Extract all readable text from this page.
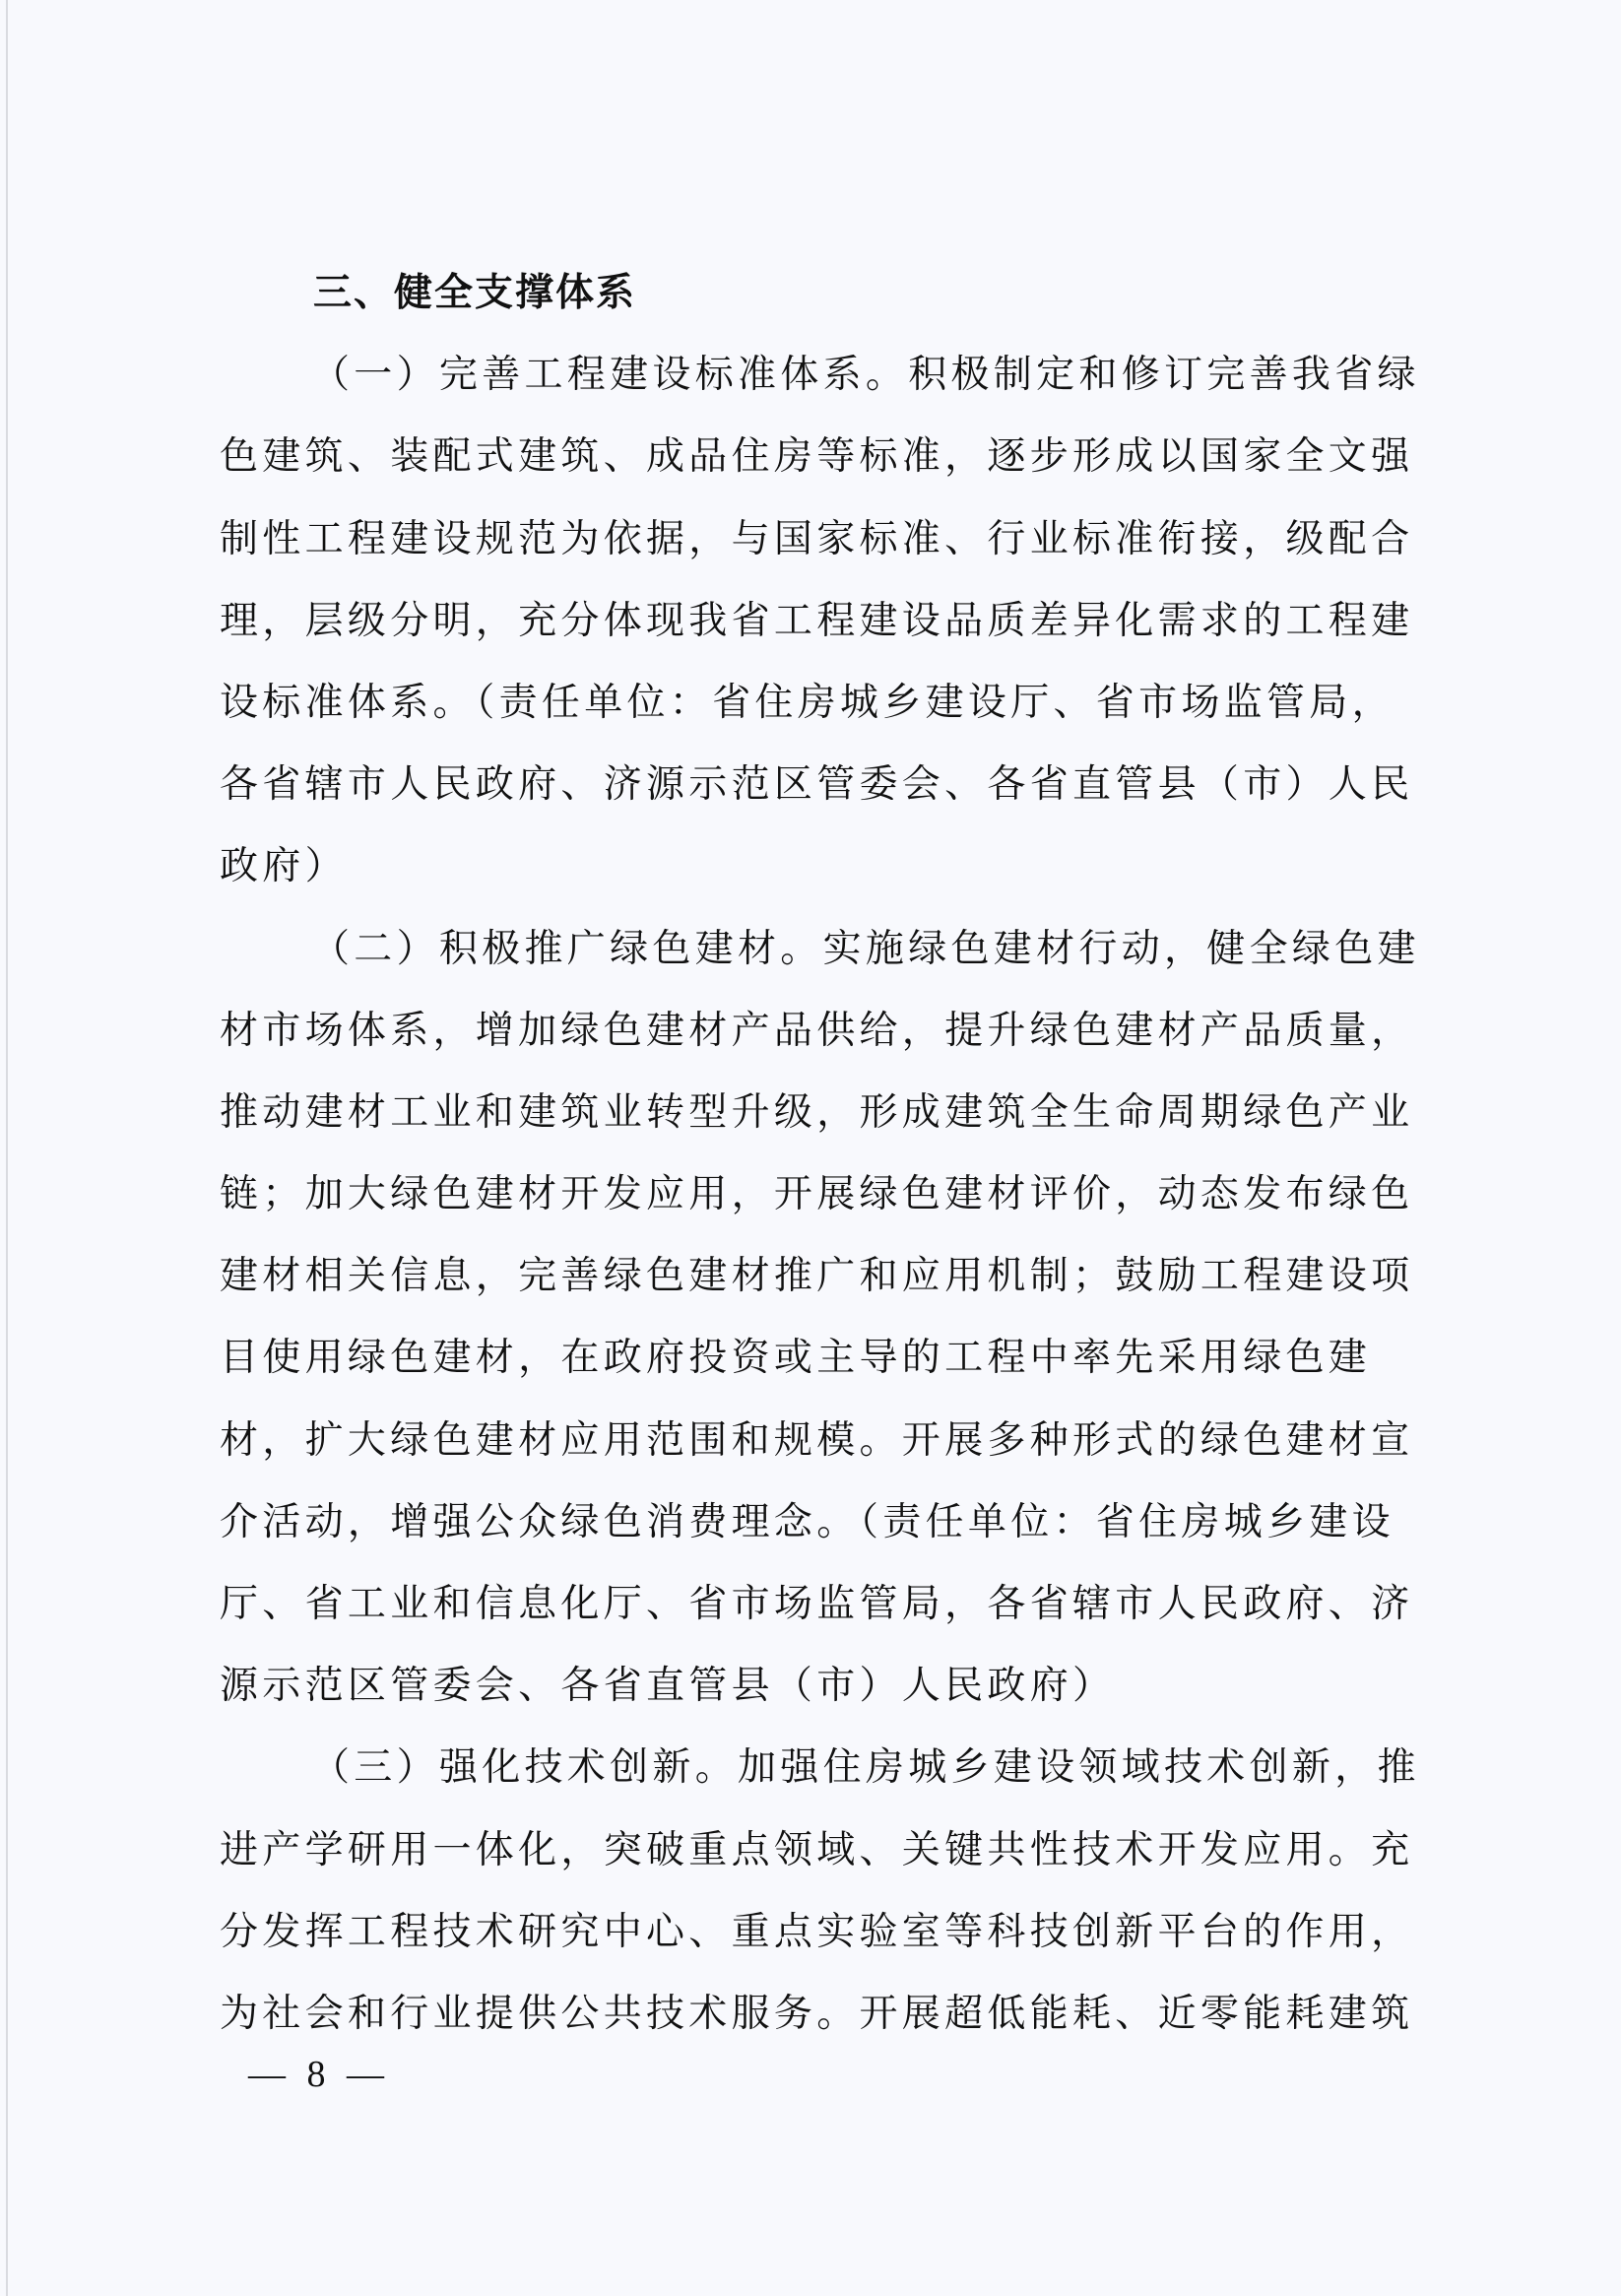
三、健全支撑体系
（一）完善工程建设标准体系。积极制定和修订完善我省绿
色建筑、装配式建筑、成品住房等标准，逐步形成以国家全文强
制性工程建设规范为依据，与国家标准、行业标准衔接，级配合
理，层级分明，充分体现我省工程建设品质差异化需求的工程建
设标准体系。（责任单位：省住房城乡建设厅、省市场监管局，
各省辖市人民政府、济源示范区管委会、各省直管县（市）人民
政府）
（二）积极推广绿色建材。实施绿色建材行动，健全绿色建
材市场体系，增加绿色建材产品供给，提升绿色建材产品质量，
推动建材工业和建筑业转型升级，形成建筑全生命周期绿色产业
链；加大绿色建材开发应用，开展绿色建材评价，动态发布绿色
建材相关信息，完善绿色建材推广和应用机制；鼓励工程建设项
目使用绿色建材，在政府投资或主导的工程中率先采用绿色建
材，扩大绿色建材应用范围和规模。开展多种形式的绿色建材宣
介活动，增强公众绿色消费理念。（责任单位：省住房城乡建设
厅、省工业和信息化厅、省市场监管局，各省辖市人民政府、济
源示范区管委会、各省直管县（市）人民政府）
（三）强化技术创新。加强住房城乡建设领域技术创新，推
进产学研用一体化，突破重点领域、关键共性技术开发应用。充
分发挥工程技术研究中心、重点实验室等科技创新平台的作用，
为社会和行业提供公共技术服务。开展超低能耗、近零能耗建筑
— 8 —
